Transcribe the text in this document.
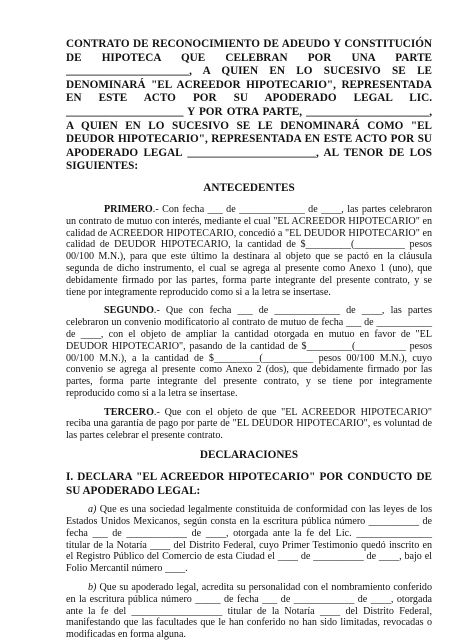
CONTRATO DE RECONOCIMIENTO DE ADEUDO Y CONSTITUCIÓN DE HIPOTECA QUE CELEBRAN POR UNA PARTE ______________________, A QUIEN EN LO SUCESIVO SE LE DENOMINARÁ "EL ACREEDOR HIPOTECARIO", REPRESENTADA EN ESTE ACTO POR SU APODERADO LEGAL LIC. _____________________ Y POR OTRA PARTE, ______________________, A QUIEN EN LO SUCESIVO SE LE DENOMINARÁ COMO "EL DEUDOR HIPOTECARIO", REPRESENTADA EN ESTE ACTO POR SU APODERADO LEGAL _______________________, AL TENOR DE LOS SIGUIENTES:

ANTECEDENTES

PRIMERO.- Con fecha ___ de _____________ de ____, las partes celebraron un contrato de mutuo con interés, mediante el cual "EL ACREEDOR HIPOTECARIO" en calidad de ACREEDOR HIPOTECARIO, concedió a "EL DEUDOR HIPOTECARIO" en calidad de DEUDOR HIPOTECARIO, la cantidad de $_________(__________ pesos 00/100 M.N.), para que este último la destinara al objeto que se pactó en la cláusula segunda de dicho instrumento, el cual se agrega al presente como Anexo 1 (uno), que debidamente firmado por las partes, forma parte integrante del presente contrato, y se tiene por integramente reproducido como si a la letra se insertase.

SEGUNDO.- Que con fecha ___ de _____________ de ____, las partes celebraron un convenio modificatorio al contrato de mutuo de fecha ___ de ___________ de ____, con el objeto de ampliar la cantidad otorgada en mutuo en favor de "EL DEUDOR HIPOTECARIO", pasando de la cantidad de $_________(__________ pesos 00/100 M.N.), a la cantidad de $_________(__________ pesos 00/100 M.N.), cuyo convenio se agrega al presente como Anexo 2 (dos), que debidamente firmado por las partes, forma parte integrante del presente contrato, y se tiene por integramente reproducido como si a la letra se insertase.

TERCERO.- Que con el objeto de que "EL ACREEDOR HIPOTECARIO" reciba una garantía de pago por parte de "EL DEUDOR HIPOTECARIO", es voluntad de las partes celebrar el presente contrato.

DECLARACIONES

I. DECLARA "EL ACREEDOR HIPOTECARIO" POR CONDUCTO DE SU APODERADO LEGAL:

a) Que es una sociedad legalmente constituida de conformidad con las leyes de los Estados Unidos Mexicanos, según consta en la escritura pública número __________ de fecha ___ de ____________ de ____, otorgada ante la fe del Lic. _______________ titular de la Notaría ____ del Distrito Federal, cuyo Primer Testimonio quedó inscrito en el Registro Público del Comercio de esta Ciudad el ____ de __________ de ____, bajo el Folio Mercantil número ____.

b) Que su apoderado legal, acredita su personalidad con el nombramiento conferido en la escritura pública número _____ de fecha ___ de ____________ de ____, otorgada ante la fe del __________________ titular de la Notaría ____ del Distrito Federal, manifestando que las facultades que le han conferido no han sido limitadas, revocadas o modificadas en forma alguna.
